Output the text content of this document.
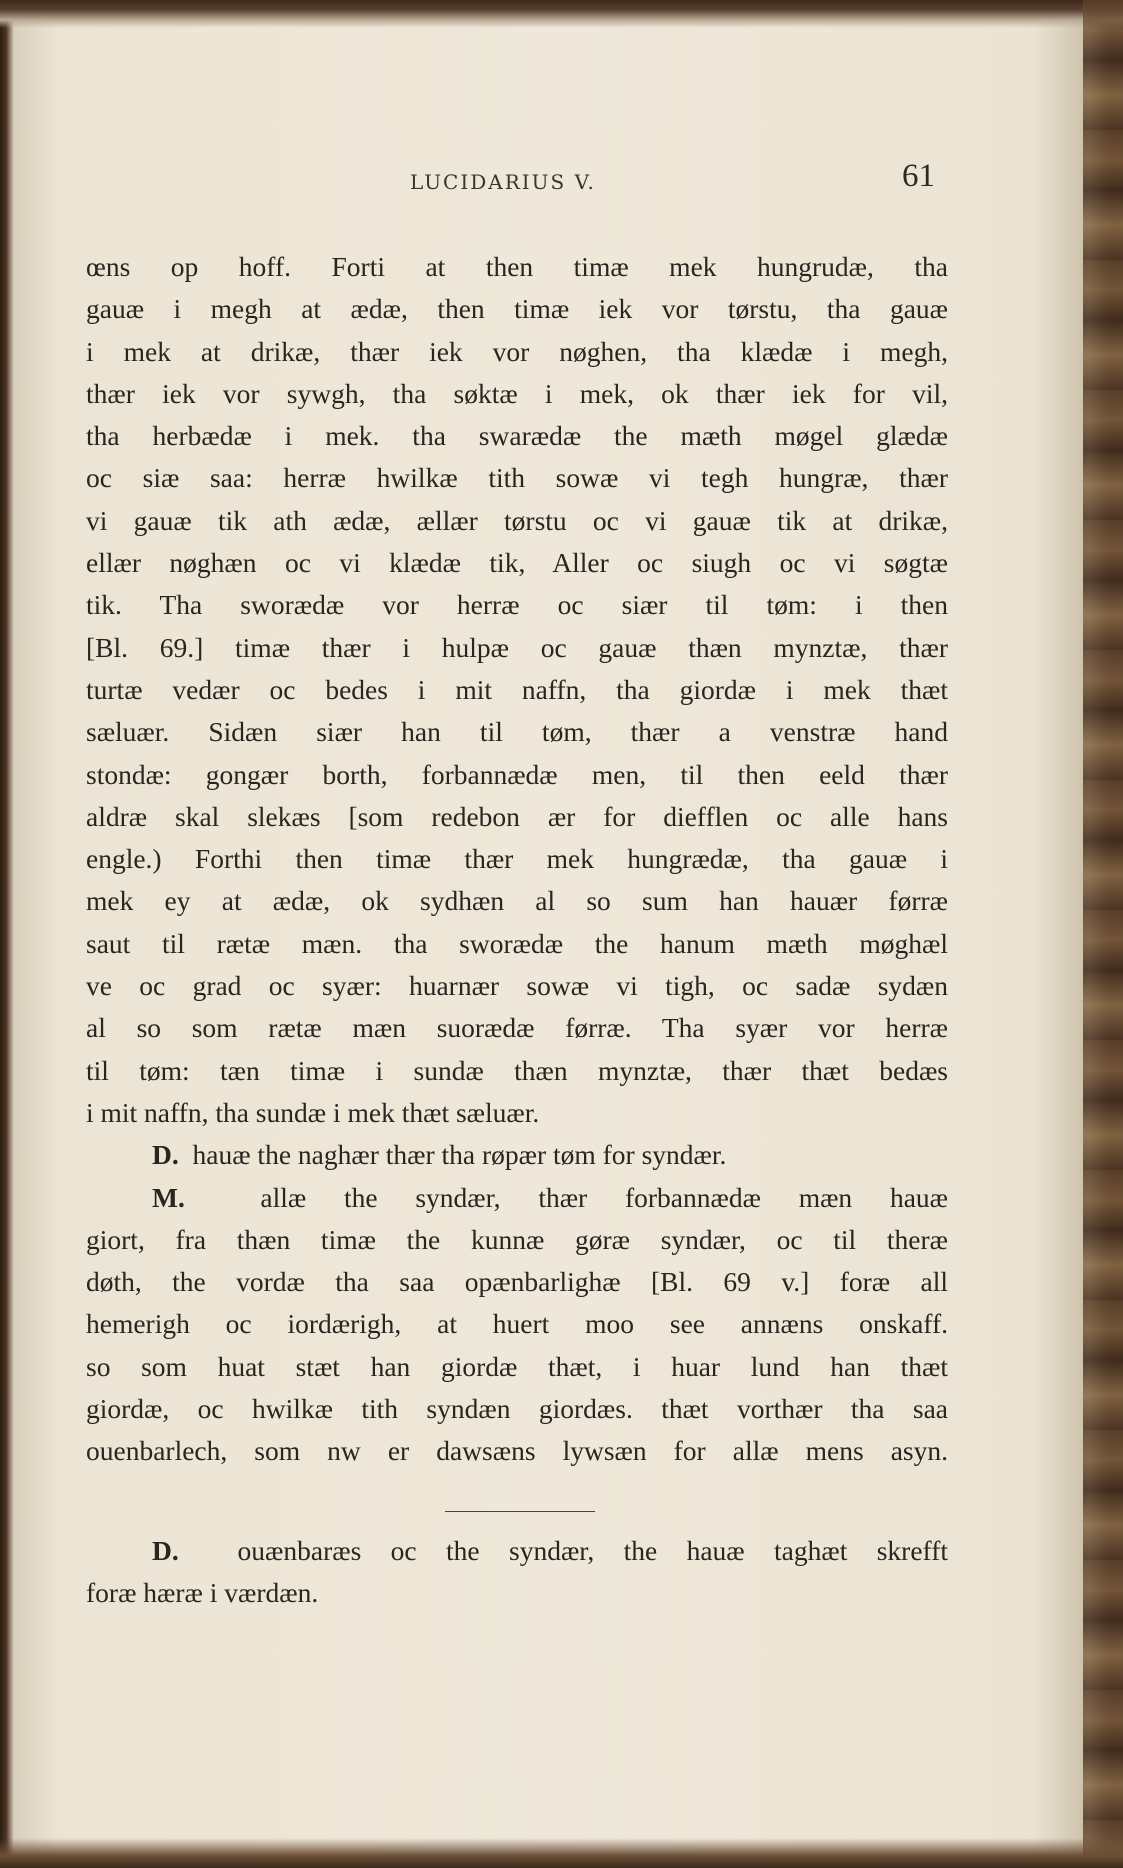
LUCIDARIUS V.	61
œns op hoff. Forti at then timæ mek hungrudæ, tha
gauæ i megh at ædæ, then timæ iek vor tørstu, tha gauæ
i mek at drikæ, thær iek vor nøghen, tha klædæ i megh,
thær iek vor sywgh, tha søktæ i mek, ok thær iek for vil,
tha herbædæ i mek. tha swarædæ the mæth møgel glædæ
oc siæ saa: herræ hwilkæ tith sowæ vi tegh hungræ, thær
vi gauæ tik ath ædæ, ællær tørstu oc vi gauæ tik at drikæ,
ellær nøghæn oc vi klædæ tik, Aller oc siugh oc vi søgtæ
tik. Tha sworædæ vor herræ oc siær til tøm: i then
[Bl. 69.] timæ thær i hulpæ oc gauæ thæn mynztæ, thær
turtæ vedær oc bedes i mit naffn, tha giordæ i mek thæt
sæluær. Sidæn siær han til tøm, thær a venstræ hand
stondæ: gongær borth, forbannædæ men, til then eeld thær
aldræ skal slekæs [som redebon ær for diefflen oc alle hans
engle.) Forthi then timæ thær mek hungrædæ, tha gauæ i
mek ey at ædæ, ok sydhæn al so sum han hauær førræ
saut til rætæ mæn. tha sworædæ the hanum mæth møghæl
ve oc grad oc syær: huarnær sowæ vi tigh, oc sadæ sydæn
al so som rætæ mæn suorædæ førræ. Tha syær vor herræ
til tøm: tæn timæ i sundæ thæn mynztæ, thær thæt bedæs
i mit naffn, tha sundæ i mek thæt sæluær.
D. hauæ the naghær thær tha røpær tøm for syndær.
M.	allæ the syndær, thær forbannædæ mæn hauæ
giort, fra thæn timæ the kunnæ gøræ syndær, oc til theræ
døth, the vordæ tha saa opænbarlighæ [Bl. 69 v.] foræ all
hemerigh oc iordærigh, at huert moo see annæns onskaff.
so som huat stæt han giordæ thæt, i huar lund han thæt
giordæ, oc hwilkæ tith syndæn giordæs. thæt vorthær tha saa
ouenbarlech, som nw er dawsæns lywsæn for allæ mens asyn.
D. ouænbaræs oc the syndær, the hauæ taghæt skrefft
foræ hæræ i værdæn.
